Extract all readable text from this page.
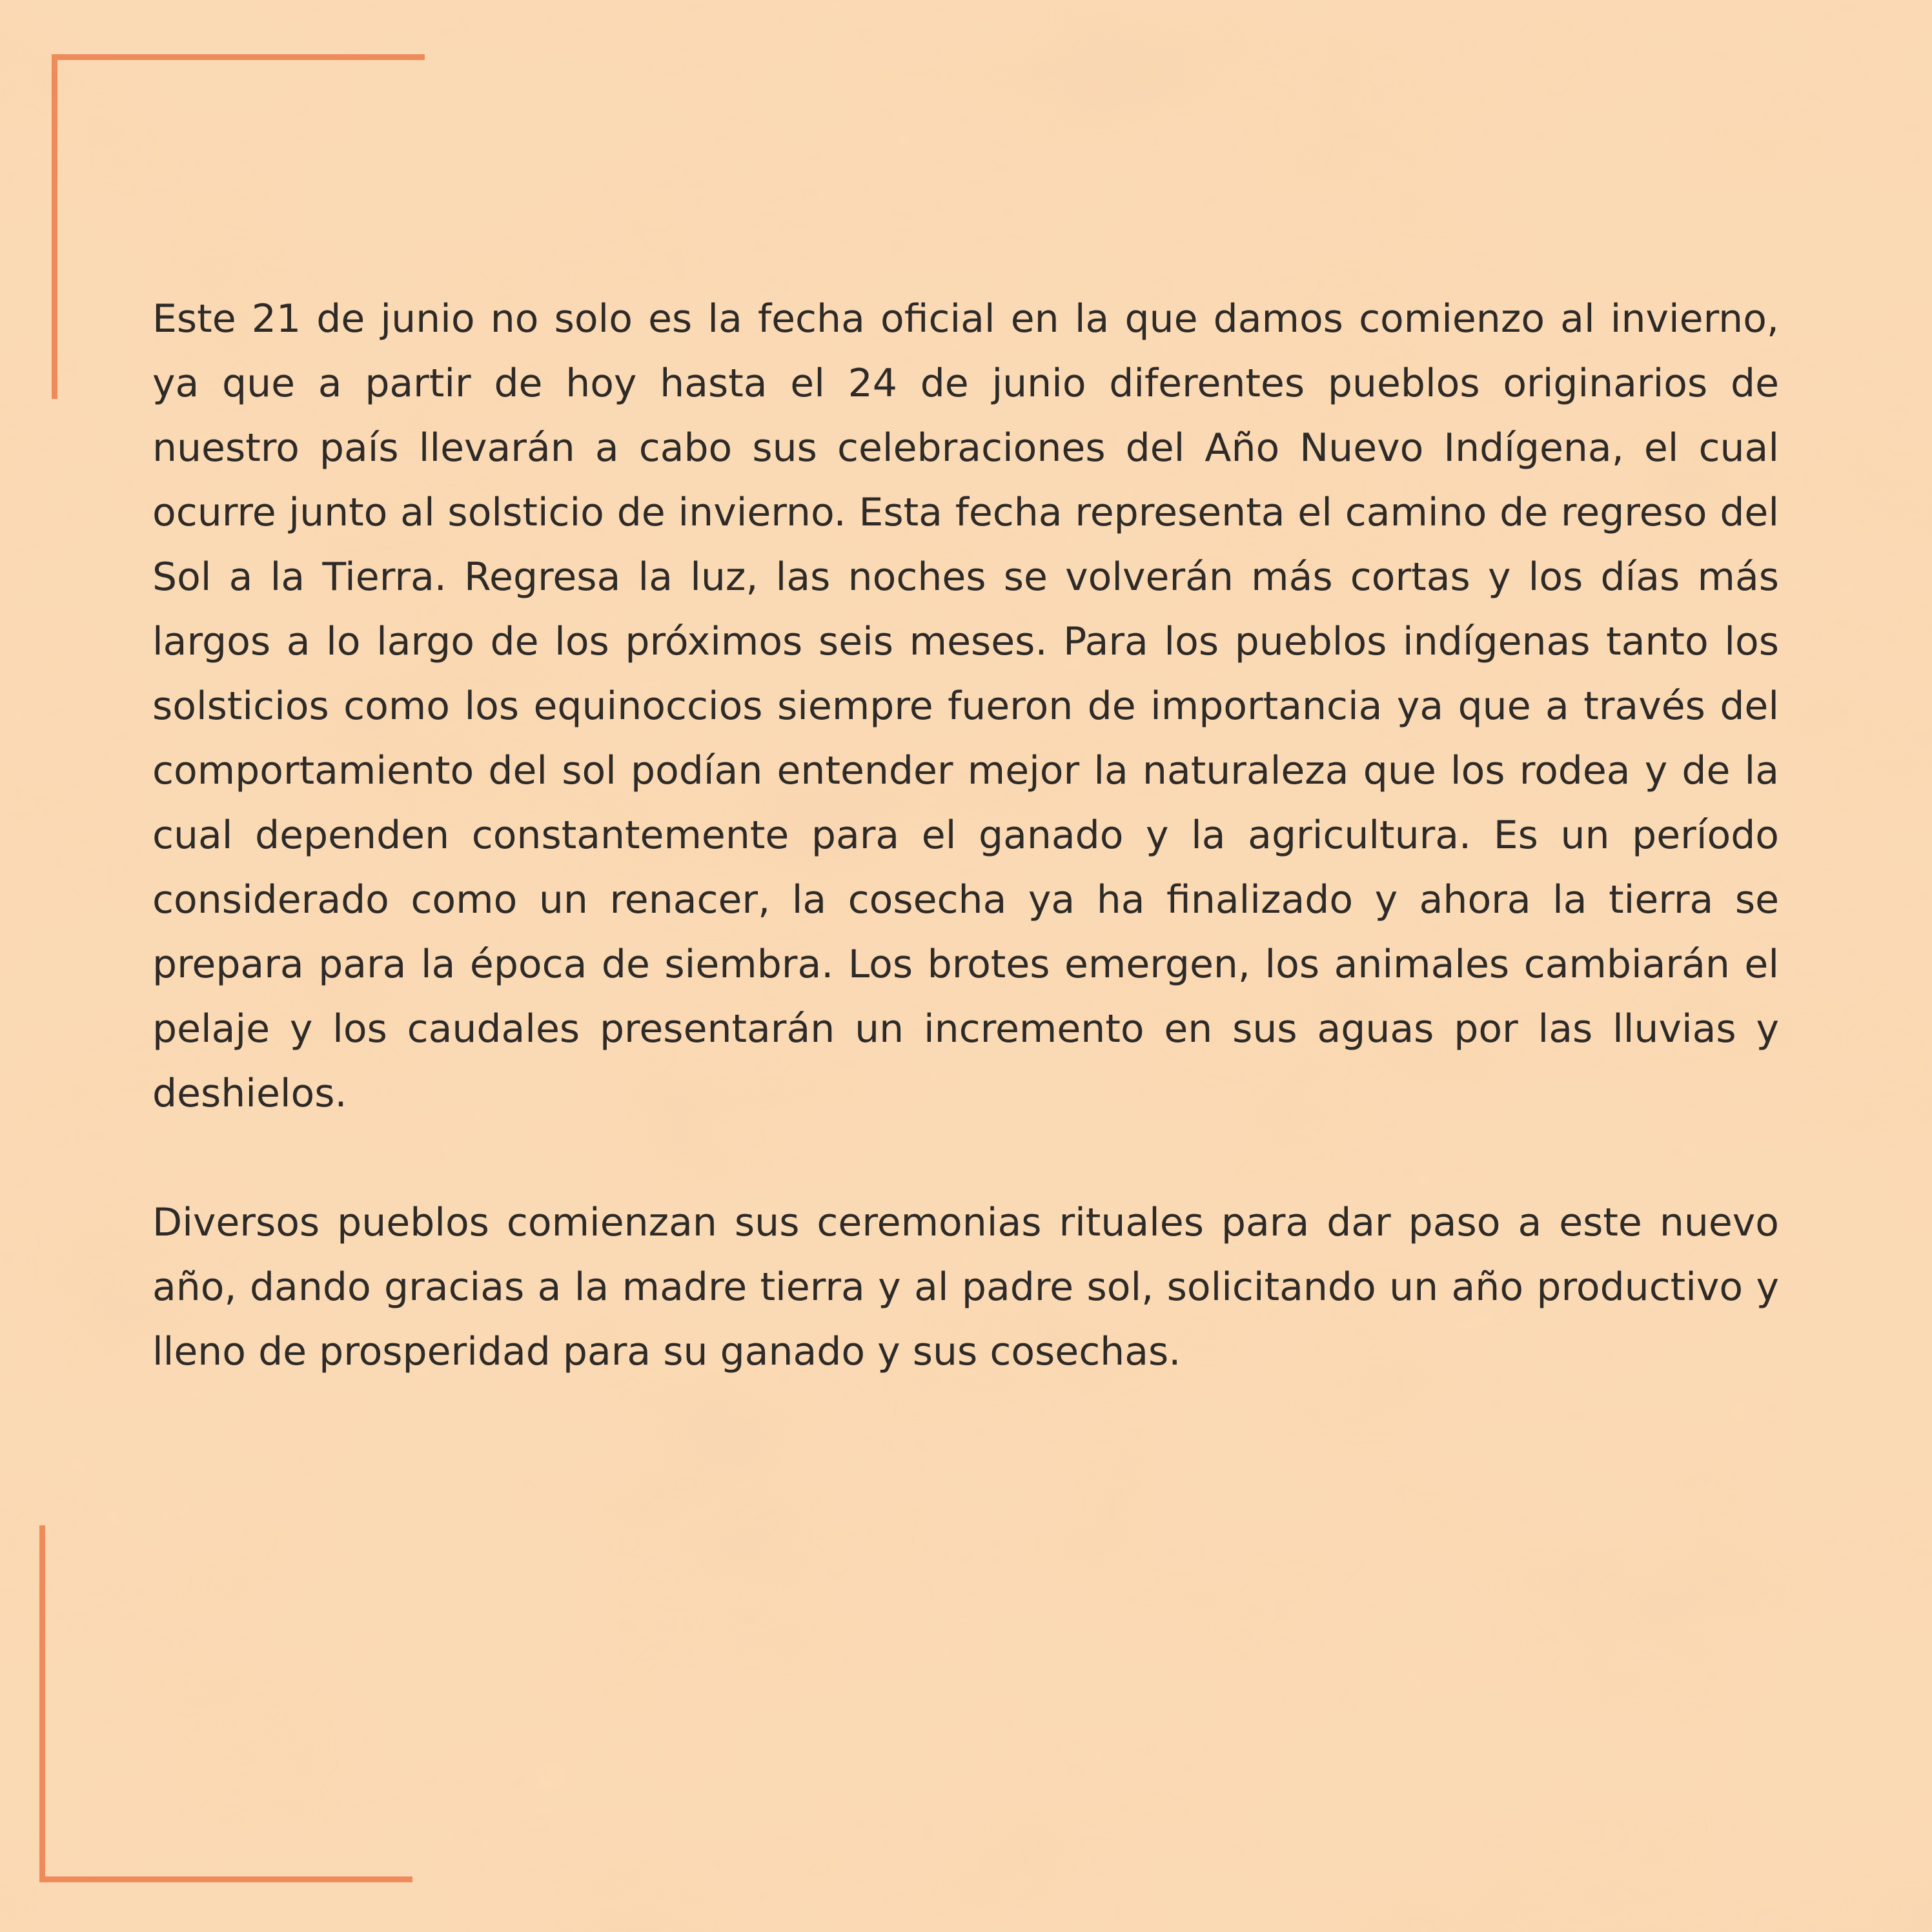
Este 21 de junio no solo es la fecha oficial en la que damos comienzo al invierno, ya que a partir de hoy hasta el 24 de junio diferentes pueblos originarios de nuestro país llevarán a cabo sus celebraciones del Año Nuevo Indígena, el cual ocurre junto al solsticio de invierno. Esta fecha representa el camino de regreso del Sol a la Tierra. Regresa la luz, las noches se volverán más cortas y los días más largos a lo largo de los próximos seis meses. Para los pueblos indígenas tanto los solsticios como los equinoccios siempre fueron de importancia ya que a través del comportamiento del sol podían entender mejor la naturaleza que los rodea y de la cual dependen constantemente para el ganado y la agricultura. Es un período considerado como un renacer, la cosecha ya ha finalizado y ahora la tierra se prepara para la época de siembra. Los brotes emergen, los animales cambiarán el pelaje y los caudales presentarán un incremento en sus aguas por las lluvias y deshielos.

Diversos pueblos comienzan sus ceremonias rituales para dar paso a este nuevo año, dando gracias a la madre tierra y al padre sol, solicitando un año productivo y lleno de prosperidad para su ganado y sus cosechas.
